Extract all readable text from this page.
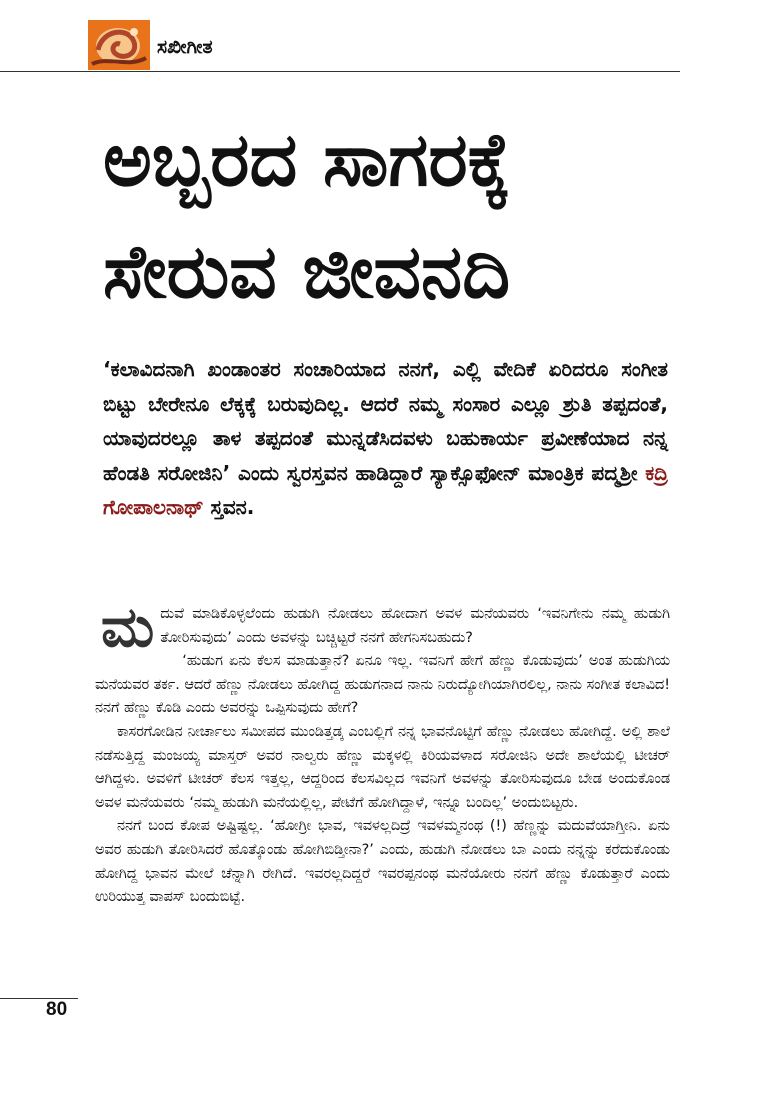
ಸಖೀಗೀತ
ಅಬ್ಬರದ ಸಾಗರಕ್ಕೆ
ಸೇರುವ ಜೀವನದಿ

‘ಕಲಾವಿದನಾಗಿ ಖಂಡಾಂತರ ಸಂಚಾರಿಯಾದ ನನಗೆ, ಎಲ್ಲಿ ವೇದಿಕೆ ಏರಿದರೂ ಸಂಗೀತ ಬಿಟ್ಟು ಬೇರೇನೂ ಲೆಕ್ಕಕ್ಕೆ ಬರುವುದಿಲ್ಲ. ಆದರೆ ನಮ್ಮ ಸಂಸಾರ ಎಲ್ಲೂ ಶ್ರುತಿ ತಪ್ಪದಂತೆ, ಯಾವುದರಲ್ಲೂ ತಾಳ ತಪ್ಪದಂತೆ ಮುನ್ನಡೆಸಿದವಳು ಬಹುಕಾರ್ಯ ಪ್ರವೀಣೆಯಾದ ನನ್ನ ಹೆಂಡತಿ ಸರೋಜಿನಿ’ ಎಂದು ಸ್ವರಸ್ತವನ ಹಾಡಿದ್ದಾರೆ ಸ್ಯಾಕ್ಸೊಫೋನ್ ಮಾಂತ್ರಿಕ ಪದ್ಮಶ್ರೀ ಕದ್ರಿ ಗೋಪಾಲನಾಥ್ ಸ್ತವನ.

ಮದುವೆ ಮಾಡಿಕೊಳ್ಳಲೆಂದು ಹುಡುಗಿ ನೋಡಲು ಹೋದಾಗ ಅವಳ ಮನೆಯವರು ‘ಇವನಿಗೇನು ನಮ್ಮ ಹುಡುಗಿ ತೋರಿಸುವುದು’ ಎಂದು ಅವಳನ್ನು ಬಚ್ಚಿಟ್ಟರೆ ನನಗೆ ಹೇಗನಿಸಬಹುದು?

‘ಹುಡುಗ ಏನು ಕೆಲಸ ಮಾಡುತ್ತಾನೆ? ಏನೂ ಇಲ್ಲ. ಇವನಿಗೆ ಹೇಗೆ ಹೆಣ್ಣು ಕೊಡುವುದು’ ಅಂತ ಹುಡುಗಿಯ ಮನೆಯವರ ತರ್ಕ. ಆದರೆ ಹೆಣ್ಣು ನೋಡಲು ಹೋಗಿದ್ದ ಹುಡುಗನಾದ ನಾನು ನಿರುದ್ಯೋಗಿಯಾಗಿರಲಿಲ್ಲ, ನಾನು ಸಂಗೀತ ಕಲಾವಿದ! ನನಗೆ ಹೆಣ್ಣು ಕೊಡಿ ಎಂದು ಅವರನ್ನು ಒಪ್ಪಿಸುವುದು ಹೇಗೆ?

ಕಾಸರಗೋಡಿನ ನೀರ್ಚಾಲು ಸಮೀಪದ ಮುಂಡಿತ್ತಡ್ಕ ಎಂಬಲ್ಲಿಗೆ ನನ್ನ ಭಾವನೊಟ್ಟಿಗೆ ಹೆಣ್ಣು ನೋಡಲು ಹೋಗಿದ್ದೆ. ಅಲ್ಲಿ ಶಾಲೆ ನಡೆಸುತ್ತಿದ್ದ ಮಂಜಯ್ಯ ಮಾಸ್ತರ್ ಅವರ ನಾಲ್ವರು ಹೆಣ್ಣು ಮಕ್ಕಳಲ್ಲಿ ಕಿರಿಯವಳಾದ ಸರೋಜಿನಿ ಅದೇ ಶಾಲೆಯಲ್ಲಿ ಟೀಚರ್ ಆಗಿದ್ದಳು. ಅವಳಿಗೆ ಟೀಚರ್ ಕೆಲಸ ಇತ್ತಲ್ಲ, ಆದ್ದರಿಂದ ಕೆಲಸವಿಲ್ಲದ ಇವನಿಗೆ ಅವಳನ್ನು ತೋರಿಸುವುದೂ ಬೇಡ ಅಂದುಕೊಂಡ ಅವಳ ಮನೆಯವರು ‘ನಮ್ಮ ಹುಡುಗಿ ಮನೆಯಲ್ಲಿಲ್ಲ, ಪೇಟೆಗೆ ಹೋಗಿದ್ದಾಳೆ, ಇನ್ನೂ ಬಂದಿಲ್ಲ’ ಅಂದುಬಿಟ್ಟರು.

ನನಗೆ ಬಂದ ಕೋಪ ಅಷ್ಟಿಷ್ಟಲ್ಲ. ‘ಹೋಗ್ರೀ ಭಾವ, ಇವಳಲ್ಲದಿದ್ರೆ ಇವಳಮ್ಮನಂಥ (!) ಹೆಣ್ಣನ್ನು ಮದುವೆಯಾಗ್ತೀನಿ. ಏನು ಅವರ ಹುಡುಗಿ ತೋರಿಸಿದರೆ ಹೊತ್ಕೊಂಡು ಹೋಗಿಬಿಡ್ತೀನಾ?’ ಎಂದು, ಹುಡುಗಿ ನೋಡಲು ಬಾ ಎಂದು ನನ್ನನ್ನು ಕರೆದುಕೊಂಡು ಹೋಗಿದ್ದ ಭಾವನ ಮೇಲೆ ಚೆನ್ನಾಗಿ ರೇಗಿದೆ. ಇವರಲ್ಲದಿದ್ದರೆ ಇವರಪ್ಪನಂಥ ಮನೆಯೋರು ನನಗೆ ಹೆಣ್ಣು ಕೊಡುತ್ತಾರೆ ಎಂದು ಉರಿಯುತ್ತ ವಾಪಸ್ ಬಂದುಬಿಟ್ಟೆ.

80
